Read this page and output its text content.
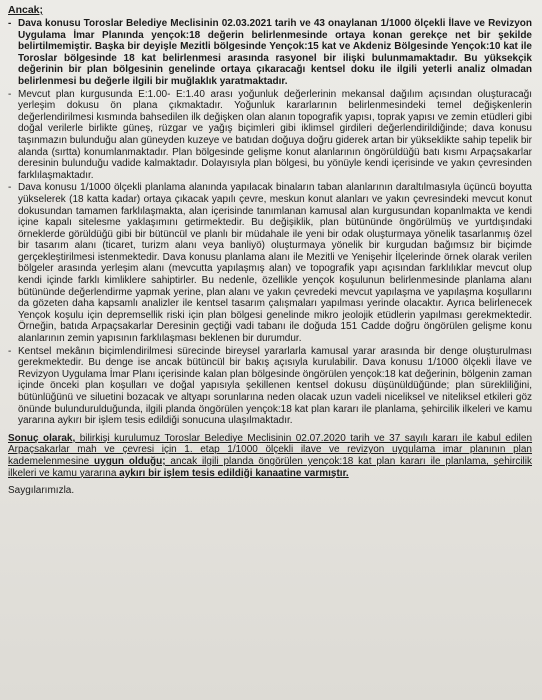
Ancak;
- Dava konusu Toroslar Belediye Meclisinin 02.03.2021 tarih ve 43 onaylanan 1/1000 ölçekli İlave ve Revizyon Uygulama İmar Planında yençok:18 değerin belirlenmesinde ortaya konan gerekçe net bir şekilde belirtilmemiştir. Başka bir deyişle Mezitli bölgesinde Yençok:15 kat ve Akdeniz Bölgesinde Yençok:10 kat ile Toroslar bölgesinde 18 kat belirlenmesi arasında rasyonel bir ilişki bulunmamaktadır. Bu yüksekçik değerinin bir plan bölgesinin genelinde ortaya çıkaracağı kentsel doku ile ilgili yeterli analiz olmadan belirlenmesi bu değerle ilgili bir muğlaklık yaratmaktadır.
- Mevcut plan kurgusunda E:1.00- E:1.40 arası yoğunluk değerlerinin mekansal dağılım açısından oluşturacağı yerleşim dokusu ön plana çıkmaktadır. Yoğunluk kararlarının belirlenmesindeki temel değişkenlerin değerlendirilmesi kısmında bahsedilen ilk değişken olan alanın topografik yapısı, toprak yapısı ve zemin etüdleri gibi doğal verilerle birlikte güneş, rüzgar ve yağış biçimleri gibi iklimsel girdileri değerlendirildiğinde; dava konusu taşınmazın bulunduğu alan güneyden kuzeye ve batıdan doğuya doğru giderek artan bir yükseklikte sahip tepelik bir alanda (sırtta) konumlanmaktadır. Plan bölgesinde gelişme konut alanlarının öngörüldüğü batı kısmı Arpaçsakarlar deresinin bulunduğu vadide kalmaktadır. Dolayısıyla plan bölgesi, bu yönüyle kendi içerisinde ve yakın çevresinden farklılaşmaktadır.
- Dava konusu 1/1000 ölçekli planlama alanında yapılacak binaların taban alanlarının daraltılmasıyla üçüncü boyutta yükselerek (18 katta kadar) ortaya çıkacak yapılı çevre, meskun konut alanları ve yakın çevresindeki mevcut konut dokusundan tamamen farklılaşmakta, alan içerisinde tanımlanan kamusal alan kurgusundan kopanlmakta ve kendi içine kapalı sitelesme yaklaşımını getirmektedir. Bu değişiklik, plan bütününde öngörülmüş ve yurtdışındaki örneklerde görüldüğü gibi bir bütüncül ve planlı bir müdahale ile yeni bir odak oluşturmaya yönelik tasarlanmış özel bir tasarım alanı (ticaret, turizm alanı veya banliyö) oluşturmaya yönelik bir kurgudan bağımsız bir biçimde gerçekleştirilmesi istenmektedir. Dava konusu planlama alanı ile Mezitli ve Yenişehir İlçelerinde örnek olarak verilen bölgeler arasında yerleşim alanı (mevcutta yapılaşmış alan) ve topografik yapı açısından farklılıklar mevcut olup kendi içinde farklı kimliklere sahiptirler. Bu nedenle, özellikle yençok koşulunun belirlenmesinde planlama alanı bütününde değerlendirme yapmak yerine, plan alanı ve yakın çevredeki mevcut yapılaşma ve yapılaşma koşullarını da gözeten daha kapsamlı analizler ile kentsel tasarım çalışmaları yapılması yerinde olacaktır. Ayrıca belirlenecek Yençok koşulu için depremsellik riski için plan bölgesi genelinde mikro jeolojik etüdlerin yapılması gerekmektedir. Örneğin, batıda Arpaçsakarlar Deresinin geçtiği vadi tabanı ile doğuda 151 Cadde doğru öngörülen gelişme konu alanlarının zemin yapısının farklılaşması beklenen bir durumdur.
- Kentsel mekânın biçimlendirilmesi sürecinde bireysel yararlarla kamusal yarar arasında bir denge oluşturulması gerekmektedir. Bu denge ise ancak bütüncül bir bakış açısıyla kurulabilir. Dava konusu 1/1000 ölçekli İlave ve Revizyon Uygulama İmar Planı içerisinde kalan plan bölgesinde öngörülen yençok:18 kat değerinin, bölgenin zaman içinde önceki plan koşulları ve doğal yapısıyla şekillenen kentsel dokusu düşünüldüğünde; plan sürekliliğini, bütünlüğünü ve siluetini bozacak ve altyapı sorunlarına neden olacak uzun vadeli niceliksel ve niteliksel etkileri göz önünde bulundurulduğunda, ilgili planda öngörülen yençok:18 kat plan kararı ile planlama, şehircilik ilkeleri ve kamu yararına aykırı bir işlem tesis edildiği sonucuna ulaşılmaktadır.

Sonuç olarak, bilirkişi kurulumuz Toroslar Belediye Meclisinin 02.07.2020 tarih ve 37 sayılı kararı ile kabul edilen Arpaçsakarlar mah ve çevresi için 1. etap 1/1000 ölçekli ilave ve revizyon uygulama imar planının plan kademelenmesine uygun olduğu; ancak ilgili planda öngörülen yençok:18 kat plan kararı ile planlama, şehircilik ilkeleri ve kamu yararına aykırı bir işlem tesis edildiği kanaatine varmıştır.

Saygılarımızla.
